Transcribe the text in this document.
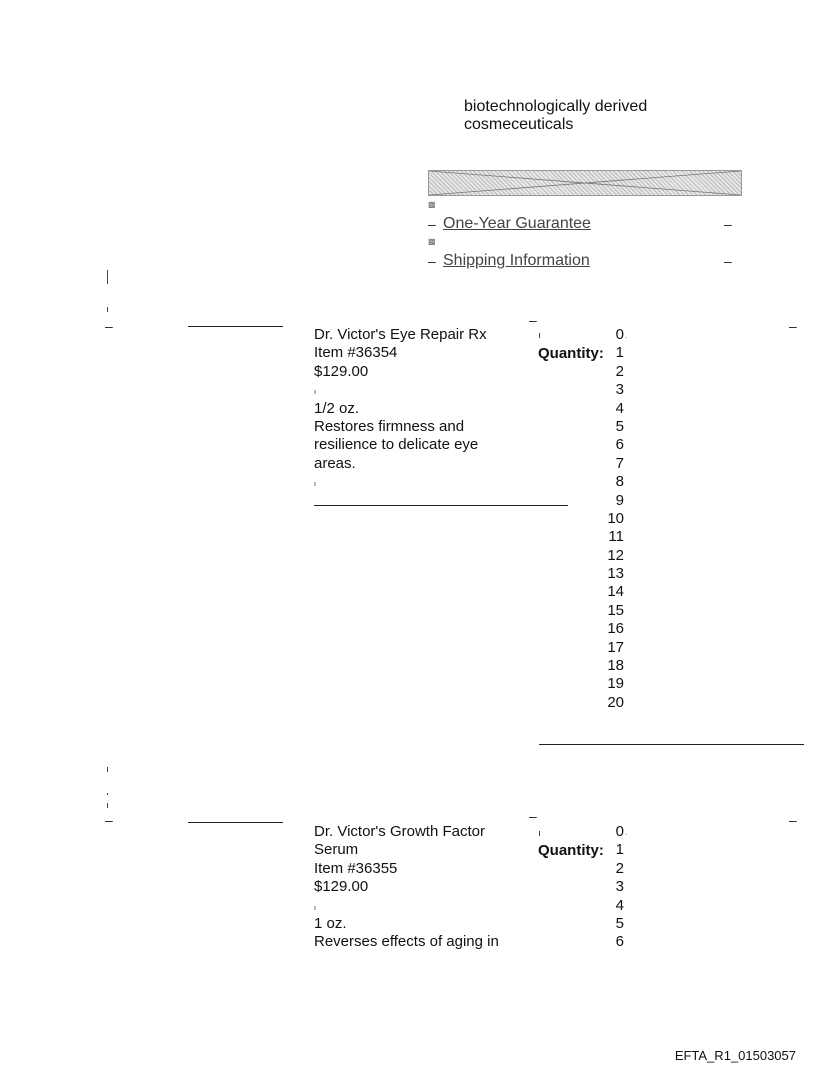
biotechnologically derived
cosmeceuticals
▩
– One-Year Guarantee	–
▩
– Shipping Information	–
–	–	–
Dr. Victor's Eye Repair Rx
Item #36354
$129.00
ı
1/2 oz.
Restores firmness and
resilience to delicate eye
areas.
ı
Quantity:
0
1
2
3
4
5
6
7
8
9
10
11
12
13
14
15
16
17
18
19
20
.
–	–	–
Dr. Victor's Growth Factor
Serum
Item #36355
$129.00
ı
1 oz.
Reverses effects of aging in
Quantity:
0
1
2
3
4
5
6
.
EFTA_R1_01503057
